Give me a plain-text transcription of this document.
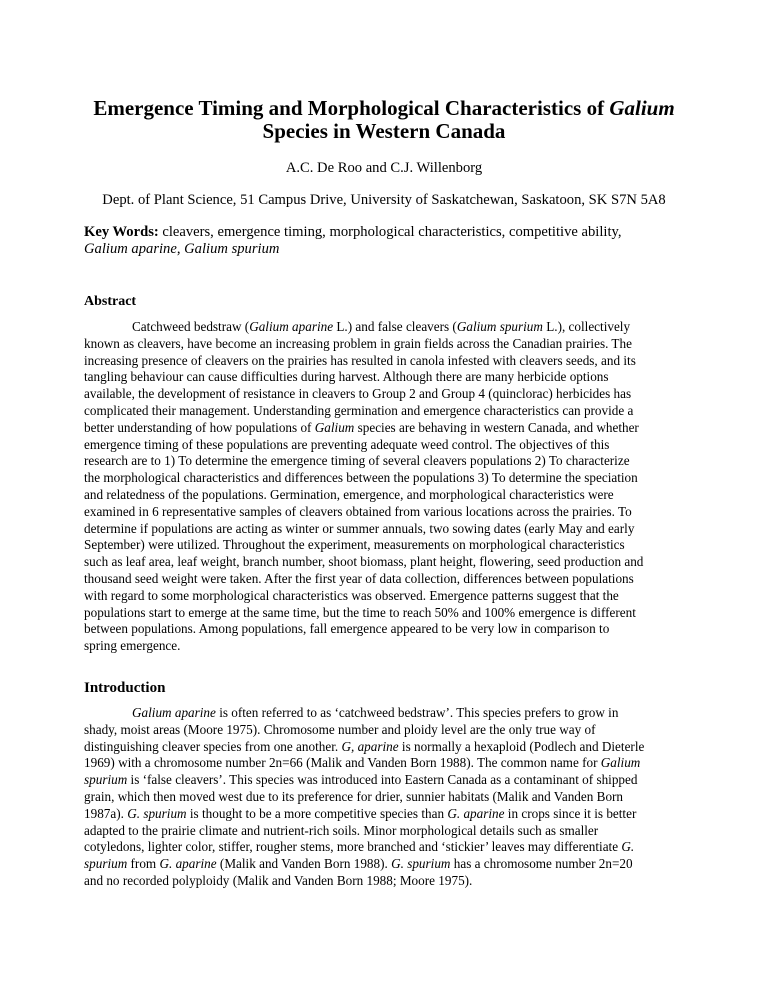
Emergence Timing and Morphological Characteristics of Galium
Species in Western Canada
A.C. De Roo and C.J. Willenborg
Dept. of Plant Science, 51 Campus Drive, University of Saskatchewan, Saskatoon, SK S7N 5A8
Key Words: cleavers, emergence timing, morphological characteristics, competitive ability,
Galium aparine, Galium spurium
Abstract
Catchweed bedstraw (Galium aparine L.) and false cleavers (Galium spurium L.), collectively
known as cleavers, have become an increasing problem in grain fields across the Canadian prairies. The
increasing presence of cleavers on the prairies has resulted in canola infested with cleavers seeds, and its
tangling behaviour can cause difficulties during harvest. Although there are many herbicide options
available, the development of resistance in cleavers to Group 2 and Group 4 (quinclorac) herbicides has
complicated their management. Understanding germination and emergence characteristics can provide a
better understanding of how populations of Galium species are behaving in western Canada, and whether
emergence timing of these populations are preventing adequate weed control. The objectives of this
research are to 1) To determine the emergence timing of several cleavers populations 2) To characterize
the morphological characteristics and differences between the populations 3) To determine the speciation
and relatedness of the populations. Germination, emergence, and morphological characteristics were
examined in 6 representative samples of cleavers obtained from various locations across the prairies. To
determine if populations are acting as winter or summer annuals, two sowing dates (early May and early
September) were utilized. Throughout the experiment, measurements on morphological characteristics
such as leaf area, leaf weight, branch number, shoot biomass, plant height, flowering, seed production and
thousand seed weight were taken. After the first year of data collection, differences between populations
with regard to some morphological characteristics was observed. Emergence patterns suggest that the
populations start to emerge at the same time, but the time to reach 50% and 100% emergence is different
between populations. Among populations, fall emergence appeared to be very low in comparison to
spring emergence.
Introduction
Galium aparine is often referred to as ‘catchweed bedstraw’. This species prefers to grow in
shady, moist areas (Moore 1975). Chromosome number and ploidy level are the only true way of
distinguishing cleaver species from one another. G, aparine is normally a hexaploid (Podlech and Dieterle
1969) with a chromosome number 2n=66 (Malik and Vanden Born 1988). The common name for Galium
spurium is ‘false cleavers’. This species was introduced into Eastern Canada as a contaminant of shipped
grain, which then moved west due to its preference for drier, sunnier habitats (Malik and Vanden Born
1987a). G. spurium is thought to be a more competitive species than G. aparine in crops since it is better
adapted to the prairie climate and nutrient-rich soils. Minor morphological details such as smaller
cotyledons, lighter color, stiffer, rougher stems, more branched and ‘stickier’ leaves may differentiate G.
spurium from G. aparine (Malik and Vanden Born 1988). G. spurium has a chromosome number 2n=20
and no recorded polyploidy (Malik and Vanden Born 1988; Moore 1975).
